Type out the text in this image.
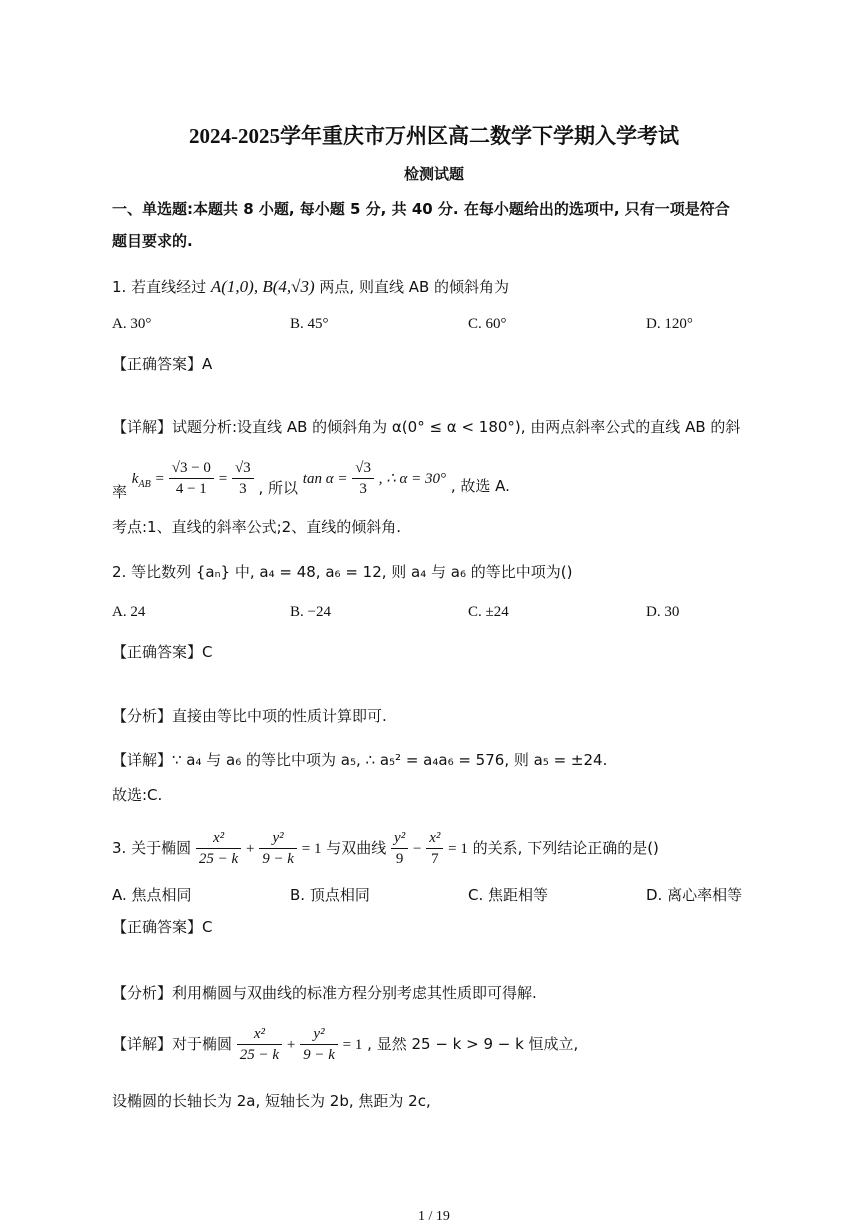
2024-2025学年重庆市万州区高二数学下学期入学考试
检测试题
一、单选题:本题共 8 小题, 每小题 5 分, 共 40 分. 在每小题给出的选项中, 只有一项是符合
题目要求的.
1. 若直线经过 A(1,0), B(4,√3) 两点, 则直线 AB 的倾斜角为
A. 30°	B. 45°	C. 60°	D. 120°
【正确答案】A
【详解】试题分析:设直线 AB 的倾斜角为 α(0° ≤ α < 180°), 由两点斜率公式的直线 AB 的斜
率 $k_{AB} = \frac{√3 - 0}{4 - 1} = \frac{√3}{3}$ , 所以 $\tan \alpha = \frac{√3}{3}$ , ∴ α = 30° , 故选 A.
考点:1、直线的斜率公式;2、直线的倾斜角.
2. 等比数列 {aₙ} 中, a₄ = 48, a₆ = 12, 则 a₄ 与 a₆ 的等比中项为()
A. 24	B. −24	C. ±24	D. 30
【正确答案】C
【分析】直接由等比中项的性质计算即可.
【详解】∵ a₄ 与 a₆ 的等比中项为 a₅, ∴ a₅² = a₄a₆ = 576, 则 a₅ = ±24.
故选:C.
3. 关于椭圆 $\frac{\text{x²}}{25 - k} + \frac{\text{y²}}{9 - k} = 1$ 与双曲线 $\frac{\text{y²}}{9} - \frac{\text{x²}}{7} = 1$ 的关系, 下列结论正确的是()
A. 焦点相同	B. 顶点相同	C. 焦距相等	D. 离心率相等
【正确答案】C
【分析】利用椭圆与双曲线的标准方程分别考虑其性质即可得解.
【详解】对于椭圆 $\frac{\text{x²}}{25 - k} + \frac{\text{y²}}{9 - k} = 1$ , 显然 25 − k > 9 − k 恒成立,
设椭圆的长轴长为 2a, 短轴长为 2b, 焦距为 2c,
1 / 19
